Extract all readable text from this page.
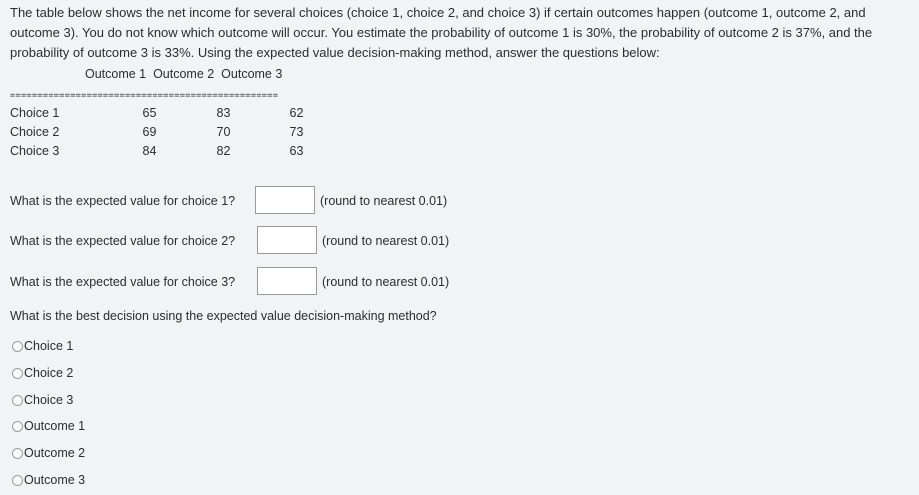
The table below shows the net income for several choices (choice 1, choice 2, and choice 3) if certain outcomes happen (outcome 1, outcome 2, and outcome 3). You do not know which outcome will occur. You estimate the probability of outcome 1 is 30%, the probability of outcome 2 is 37%, and the probability of outcome 3 is 33%. Using the expected value decision-making method, answer the questions below:

Outcome 1  Outcome 2  Outcome 3

=================================================

Choice 1	65	83	62
Choice 2	69	70	73
Choice 3	84	82	63
What is the expected value for choice 1?	(round to nearest 0.01)
What is the expected value for choice 2?	(round to nearest 0.01)
What is the expected value for choice 3?	(round to nearest 0.01)
What is the best decision using the expected value decision-making method?
Choice 1
Choice 2
Choice 3
Outcome 1
Outcome 2
Outcome 3
